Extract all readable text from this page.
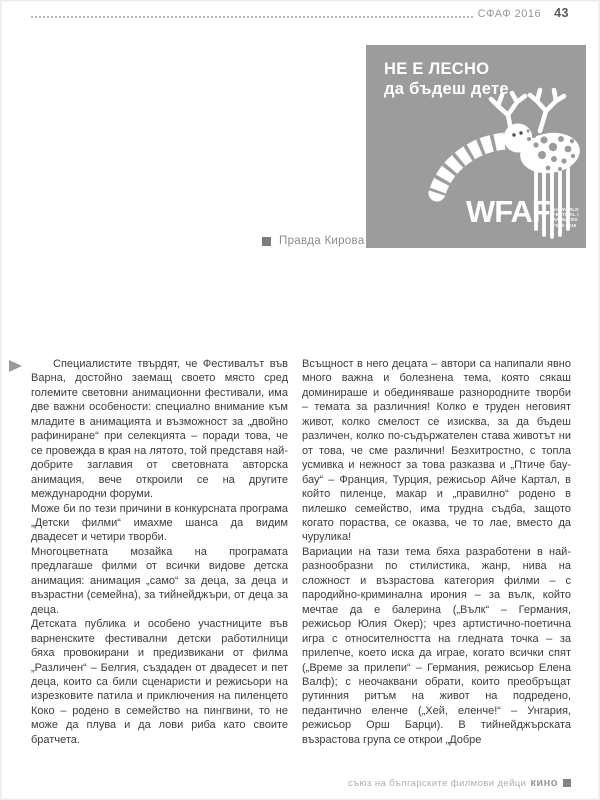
СФАФ 2016 43
НЕ Е ЛЕСНО
да бъдеш дете
WFAF XX WORLD
FESTIVAL /
ANIMATED
FILM 2016
Правда Кирова

Специалистите твърдят, че Фестивалът във Варна, достойно заемащ своето място сред големите световни анимационни фестивали, има две важни особености: специално внимание към младите в анимацията и възможност за „двойно рафиниране“ при селекцията – поради това, че се провежда в края на лятото, той представя най-добрите заглавия от световната авторска анимация, вече откроили се на другите международни форуми.

Може би по тези причини в конкурсната програма „Детски филми“ имахме шанса да видим двадесет и четири творби.

Многоцветната мозайка на програмата предлагаше филми от всички видове детска анимация: анимация „само“ за деца, за деца и възрастни (семейна), за тийнейджъри, от деца за деца.

Детската публика и особено участниците във варненските фестивални детски работилници бяха провокирани и предизвикани от филма „Различен“ – Белгия, създаден от двадесет и пет деца, които са били сценаристи и режисьори на изрезковите патила и приключения на пиленцето Коко – родено в семейство на пингвини, то не може да плува и да лови риба като своите братчета.

Всъщност в него децата – автори са напипали явно много важна и болезнена тема, която сякаш доминираше и обединяваше разнородните творби – темата за различния! Колко е труден неговият живот, колко смелост се изисква, за да бъдеш различен, колко по-съдържателен става животът ни от това, че сме различни! Безхитростно, с топла усмивка и нежност за това разказва и „Птиче бау-бау“ – Франция, Турция, режисьор Айче Картал, в който пиленце, макар и „правилно“ родено в пилешко семейство, има трудна съдба, защото когато пораства, се оказва, че то лае, вместо да чурулика!

Вариации на тази тема бяха разработени в най-разнообразни по стилистика, жанр, нива на сложност и възрастова категория филми – с пародийно-криминална ирония – за вълк, който мечтае да е балерина („Вълк“ – Германия, режисьор Юлия Окер); чрез артистично-поетична игра с относителността на гледната точка – за прилепче, което иска да играе, когато всички спят („Време за прилепи“ – Германия, режисьор Елена Валф); с неочаквани обрати, които преобръщат рутинния ритъм на живот на подредено, педантично еленче („Хей, еленче!“ – Унгария, режисьор Орш Барци). В тийнейджърската възрастова група се открои „Добре

съюз на българските филмови дейци кино
